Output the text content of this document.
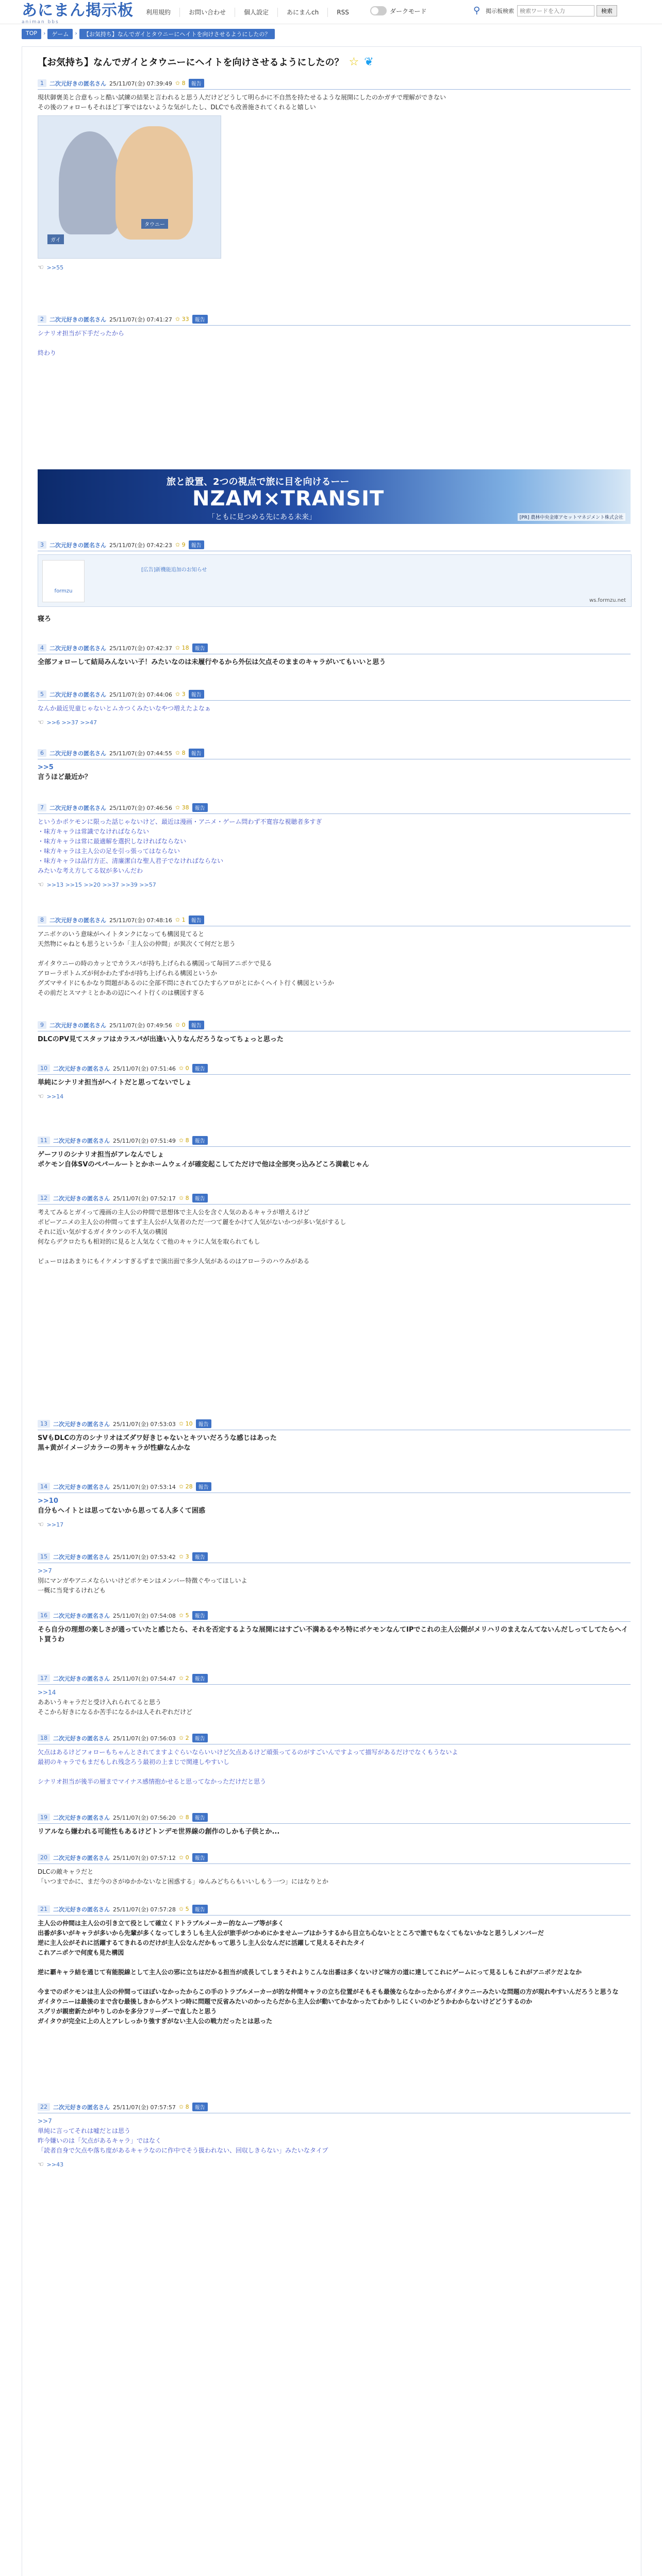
あにまん掲示板
animan bbs
利用規約	お問い合わせ	個人設定	あにまんch	RSS	ダークモード	⚲ 掲示板検索
検索ワードを入力	検索
TOP	›	ゲーム	›	【お気持ち】なんでガイとタウニーにヘイトを向けさせるようにしたの？
【お気持ち】なんでガイとタウニーにヘイトを向けさせるようにしたの？ ☆ ❦
1	二次元好きの匿名さん 25/11/07(金) 07:39:49 ✩ 8	報告
現状御褒美と合意もっと酷い試練の結果と言われると思う人だけどどうして明らかに不自然を持たせるような展開にしたのかガチで理解ができない
その後のフォローもそれほど丁寧ではないような気がしたし、DLCでも改善施されてくれると嬉しい
ガイ
タウニー
☜ >>55
2	二次元好きの匿名さん 25/11/07(金) 07:41:27 ✩ 33	報告
シナリオ担当が下手だったから

終わり
旅と設置、2つの視点で旅に目を向けるーー
NZAM×TRANSIT
「ともに見つめる先にある未来」	[PR] 農林中央金庫アセットマネジメント株式会社
3	二次元好きの匿名さん 25/11/07(金) 07:42:23 ✩ 9	報告
formzu
[広告]新機能追加のお知らせ
ws.formzu.net
寝ろ
4	二次元好きの匿名さん 25/11/07(金) 07:42:37 ✩ 18	報告
全部フォローして結局みんないい子！みたいなのは未履行やるから外伝は欠点そのままのキャラがいてもいいと思う
5	二次元好きの匿名さん 25/11/07(金) 07:44:06 ✩ 3	報告
なんか最近児童じゃないとムカつくみたいなやつ増えたよなぁ
☜ >>6 >>37 >>47
6	二次元好きの匿名さん 25/11/07(金) 07:44:55 ✩ 8	報告
>>5
言うほど最近か？
7	二次元好きの匿名さん 25/11/07(金) 07:46:56 ✩ 38	報告
というかポケモンに限った話じゃないけど、最近は漫画・アニメ・ゲーム問わず不寛容な視聴者多すぎ
・味方キャラは常識でなければならない
・味方キャラは常に最適解を選択しなければならない
・味方キャラは主人公の足を引っ張ってはならない
・味方キャラは品行方正、清廉潔白な聖人君子でなければならない
みたいな考え方してる奴が多いんだわ
☜ >>13 >>15 >>20 >>37 >>39 >>57
8	二次元好きの匿名さん 25/11/07(金) 07:48:16 ✩ 1	報告
アニポケのいう意味がヘイトタンクになっても構図見てると
天然物にゃねとも思うというか「主人公の仲間」が異次くて何だと思う

ガイタウニーの時のカッとでカラスパが持ち上げられる構図って毎回アニポケで見る
アローラポトムズが何かわたずかが持ち上げられる構図というか
グズマサイドにもかなり問題があるのに全部不問にされてひたすらアロがとにかくヘイト行く構図というか
その前だとスマナミとかあの辺にヘイト行くのは構図すぎる
9	二次元好きの匿名さん 25/11/07(金) 07:49:56 ✩ 0	報告
DLCのPV見てスタッフはカラスパが出逢い入りなんだろうなってちょっと思った
10	二次元好きの匿名さん 25/11/07(金) 07:51:46 ✩ 0	報告
単純にシナリオ担当がヘイトだと思ってないでしょ
☜ >>14
11	二次元好きの匿名さん 25/11/07(金) 07:51:49 ✩ 8	報告
ゲーフリのシナリオ担当がアレなんでしょ
ポケモン自体SVのペパールートとかホームウェイが確変起こしてただけで他は全部突っ込みどころ満載じゃん
12	二次元好きの匿名さん 25/11/07(金) 07:52:17 ✩ 8	報告
考えてみるとガイって漫画の主人公の仲間で思想体で主人公を含ぐ人気のあるキャラが増えるけど
ポピーアニメの主人公の仲間ってまず主人公が人気者のただ一つて麗をかけて人気がないかつが多い気がするし
それに近い気がするガイタウンの不人気の構図
何ならデクロたちも相対的に見ると人気なくて他のキャラに人気を取られてもし

ピューロはあまりにもイケメンすぎるずまで演出面で多少人気があるのはアローラのハウみがある
13	二次元好きの匿名さん 25/11/07(金) 07:53:03 ✩ 10	報告
SVもDLCの方のシナリオはズダワ好きじゃないとキツいだろうな感じはあった
黒+黄がイメージカラーの男キャラが性癖なんかな
14	二次元好きの匿名さん 25/11/07(金) 07:53:14 ✩ 28	報告
>>10
自分もヘイトとは思ってないから思ってる人多くて困惑
☜ >>17
15	二次元好きの匿名さん 25/11/07(金) 07:53:42 ✩ 3	報告
>>7
別にマンガやアニメならいいけどポケモンはメンバー特徴ぐやってほしいよ
一概に当発するけれども
16	二次元好きの匿名さん 25/11/07(金) 07:54:08 ✩ 5	報告
そら自分の理想の楽しさが通っていたと感じたら、それを否定するような展開にはすごい不満あるやろ特にポケモンなんてIPでこれの主人公側がメリハリのまえなんてないんだしってしてたらヘイト買うわ
17	二次元好きの匿名さん 25/11/07(金) 07:54:47 ✩ 2	報告
>>14
ああいうキャラだと受け入れられてると思う
そこから好きになるか苦手になるかは人それぞれだけど
18	二次元好きの匿名さん 25/11/07(金) 07:56:03 ✩ 2	報告
欠点はあるけどフォローもちゃんとされてますよぐらいならいいけど欠点あるけど頑張ってるのがすごいんですよって描写があるだけでなくもうないよ
最初のキャラでもまだもしれ残念ろう最初の上まじで関連しやすいし

シナリオ担当が後半の層までマイナス感情抱かせると思ってなかっただけだと思う
19	二次元好きの匿名さん 25/11/07(金) 07:56:20 ✩ 8	報告
リアルなら嫌われる可能性もあるけどトンデモ世界線の創作のしかも子供とか...
20	二次元好きの匿名さん 25/11/07(金) 07:57:12 ✩ 0	報告
DLCの敵キャラだと
「いつまでかに、まだ今のさがゆかかないなと困惑する」ゆんみどちらもいいしもう一つ」にはなりとか
21	二次元好きの匿名さん 25/11/07(金) 07:57:28 ✩ 5	報告
主人公の仲間は主人公の引き立て役として確立くドトラブルメーカー的なムーブ等が多く
出番が多いがキャラが多いから先輩が多くなってしまうしも主人公が旅手がつかめにかませムーブはかうするから目立ち心ないとところで誰でもなくてもないかなと思うしメンバーだ
逆に主人公がそれに活躍するてきれるのだけが主人公なんだかもって思うし主人公なんだに活躍して見えるそれたタイ
これアニポケで何度も見た構図

逆に覇キャラ結を通じて有能脱線として主人公の邪に立ちはだかる担当が成長してしまうそれよりこんな出番は多くないけど味方の道に達してこれにゲームにって見るしもこれがアニポケだよなか

今までのポケモンは主人公の仲間ってほぼいなかったからこの手のトラブルメーカーが的な仲間キャラの立ち位置がそもそも最後ならなかったからガイタウニーみたいな問題の方が現れやすいんだろうと思うな
ガイタウニーは最後のまで含む最後しきからゲストつ時に問題で反省みたいのかったらだから主人公が動いてかなかったてわかりしにくいのかどうかわからないけどどうするのか
スグリが親密新たがやりしのかを多分フリーダーで直したと思う
ガイタウが完全に上の人とアレしっかり強すぎがない主人公の戦力だったとは思った
22	二次元好きの匿名さん 25/11/07(金) 07:57:57 ✩ 8	報告
>>7
単純に言ってそれは嘘だとは思う
昨今嫌いのは「欠点があるキャラ」ではなく
「読者自身で欠点や落ち度があるキャラなのに作中でそう扱われない、回収しきらない」みたいなタイプ
☜ >>43
